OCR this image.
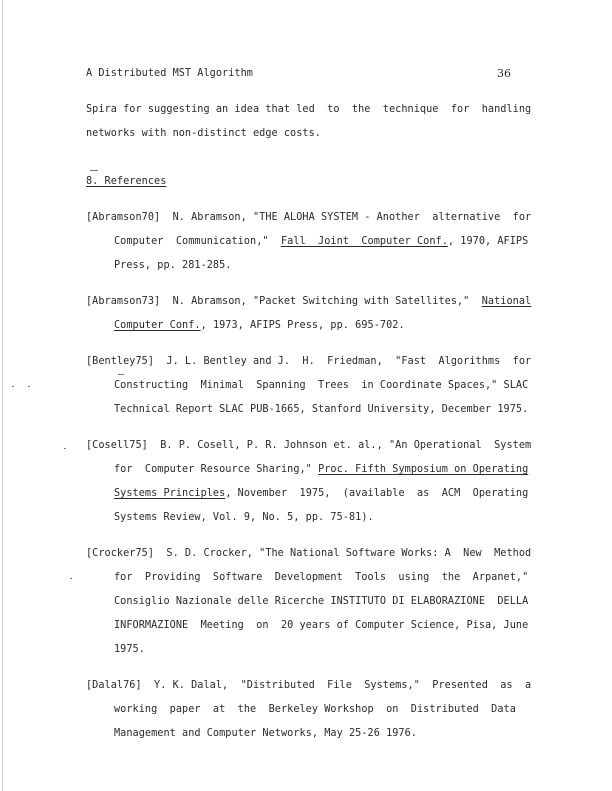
A Distributed MST Algorithm	36
Spira for suggesting an idea that led  to  the  technique  for  handling
networks with non-distinct edge costs.
8. References
[Abramson70]  N. Abramson, "THE ALOHA SYSTEM - Another  alternative  for
Computer  Communication,"  Fall  Joint  Computer Conf., 1970, AFIPS
Press, pp. 281-285.
[Abramson73]  N. Abramson, "Packet Switching with Satellites,"  National
Computer Conf., 1973, AFIPS Press, pp. 695-702.
[Bentley75]  J. L. Bentley and J.  H.  Friedman,  "Fast  Algorithms  for
Constructing  Minimal  Spanning  Trees  in Coordinate Spaces," SLAC
Technical Report SLAC PUB-1665, Stanford University, December 1975.
[Cosell75]  B. P. Cosell, P. R. Johnson et. al., "An Operational  System
for  Computer Resource Sharing," Proc. Fifth Symposium on Operating
Systems Principles, November  1975,  (available  as  ACM  Operating
Systems Review, Vol. 9, No. 5, pp. 75-81).
[Crocker75]  S. D. Crocker, "The National Software Works: A  New  Method
for  Providing  Software  Development  Tools  using  the  Arpanet,"
Consiglio Nazionale delle Ricerche INSTITUTO DI ELABORAZIONE  DELLA
INFORMAZIONE  Meeting  on  20 years of Computer Science, Pisa, June
1975.
[Dalal76]  Y. K. Dalal,  "Distributed  File  Systems,"  Presented  as  a
working  paper  at  the  Berkeley Workshop  on  Distributed  Data
Management and Computer Networks, May 25-26 1976.
